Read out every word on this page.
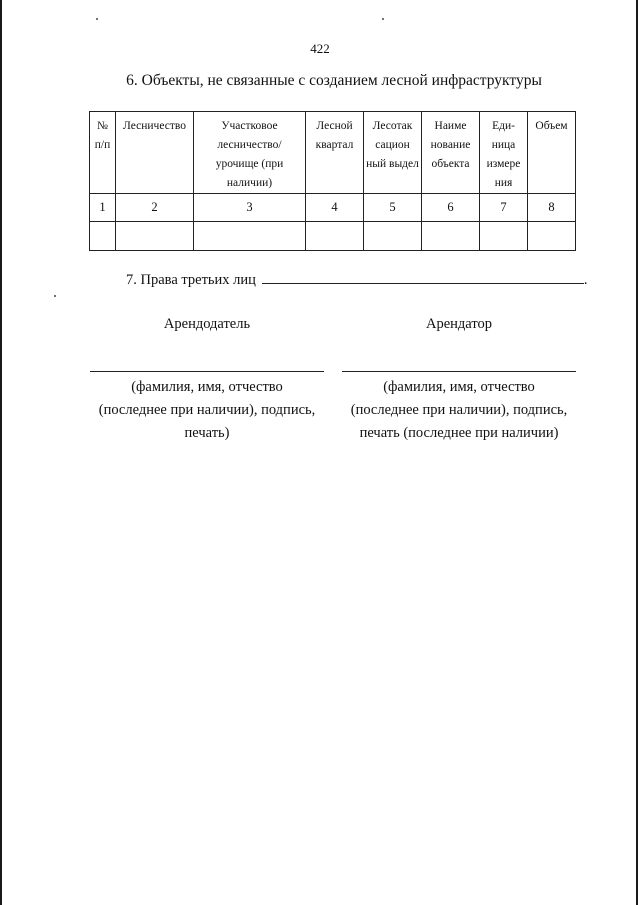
422
6. Объекты, не связанные с созданием лесной инфраструктуры
№ п/п	Лесничество	Участковое лесничество/ урочище (при наличии)	Лесной квартал	Лесотак сацион ный выдел	Наиме нование объекта	Еди- ница измере ния	Объем
1	2	3	4	5	6	7	8

7. Права третьих лиц	.
Арендодатель
(фамилия, имя, отчество
(последнее при наличии), подпись,
печать)
Арендатор
(фамилия, имя, отчество
(последнее при наличии), подпись,
печать (последнее при наличии)
